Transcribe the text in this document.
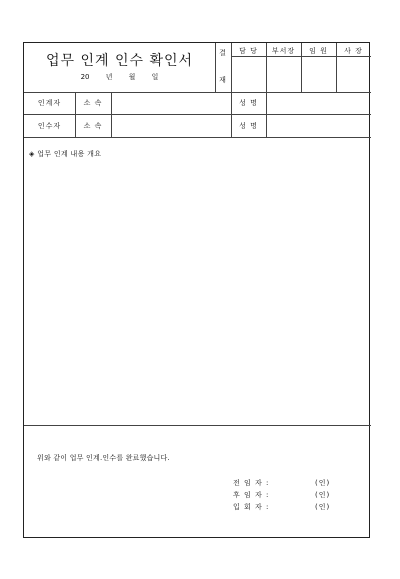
업무 인계 인수 확인서
20 년 월 일
결
재
담 당	부서장	임 원	사 장
인계자	소 속	성 명
인수자	소 속	성 명
◈ 업무 인계 내용 개요
위와 같이 업무 인계.인수를 완료했습니다.
전 임 자 :	(인)
후 임 자 :	(인)
입 회 자 :	(인)
